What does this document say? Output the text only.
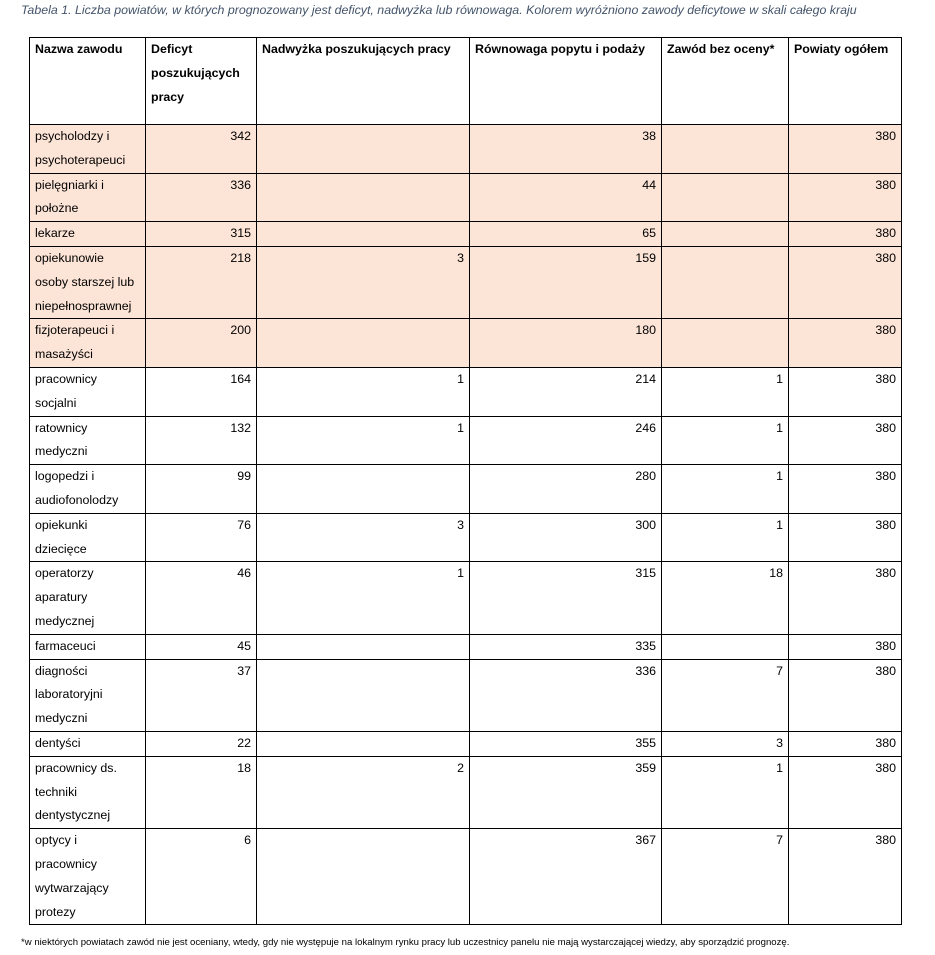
Tabela 1. Liczba powiatów, w których prognozowany jest deficyt, nadwyżka lub równowaga. Kolorem wyróżniono zawody deficytowe w skali całego kraju
Nazwa zawodu	Deficyt poszukujących pracy	Nadwyżka poszukujących pracy	Równowaga popytu i podaży	Zawód bez oceny*	Powiaty ogółem
psycholodzy i psychoterapeuci	342		38		380
pielęgniarki i położne	336		44		380
lekarze	315		65		380
opiekunowie osoby starszej lub niepełnosprawnej	218	3	159		380
fizjoterapeuci i masażyści	200		180		380
pracownicy socjalni	164	1	214	1	380
ratownicy medyczni	132	1	246	1	380
logopedzi i audiofonolodzy	99		280	1	380
opiekunki dziecięce	76	3	300	1	380
operatorzy aparatury medycznej	46	1	315	18	380
farmaceuci	45		335		380
diagności laboratoryjni medyczni	37		336	7	380
dentyści	22		355	3	380
pracownicy ds. techniki dentystycznej	18	2	359	1	380
optycy i pracownicy wytwarzający protezy	6		367	7	380
*w niektórych powiatach zawód nie jest oceniany, wtedy, gdy nie występuje na lokalnym rynku pracy lub uczestnicy panelu nie mają wystarczającej wiedzy, aby sporządzić prognozę.
